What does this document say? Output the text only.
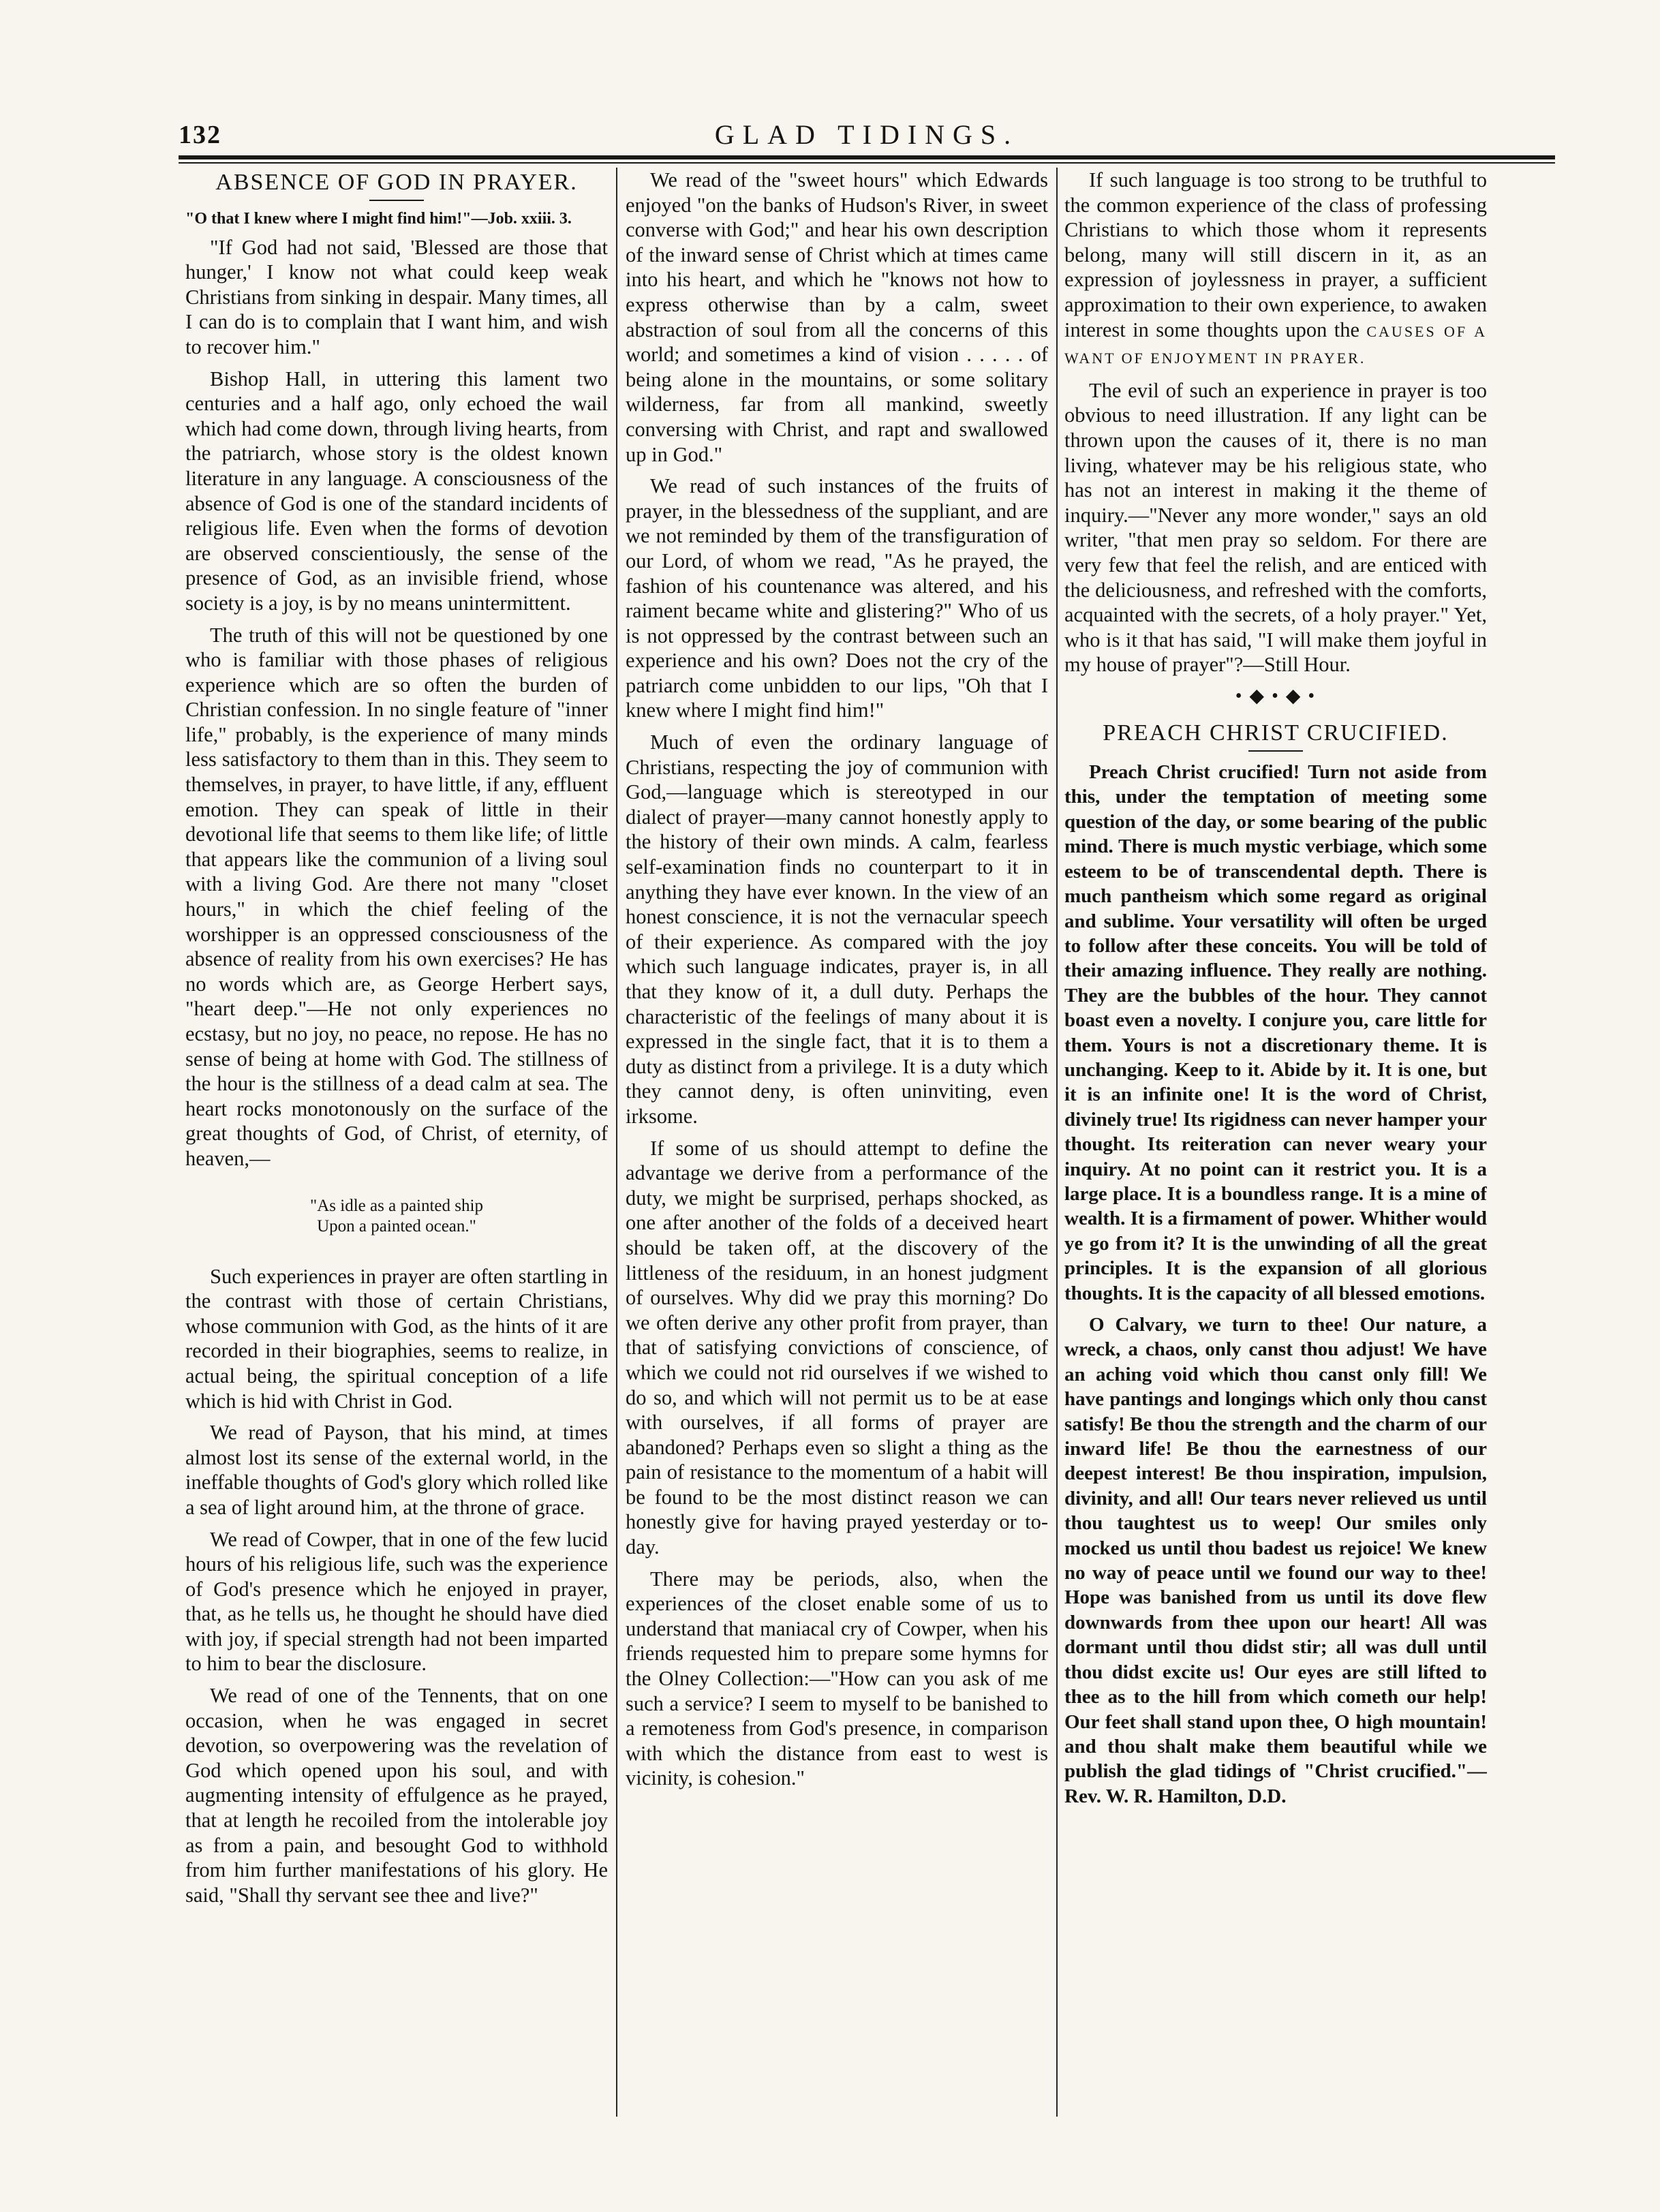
132	GLAD TIDINGS.
ABSENCE OF GOD IN PRAYER.
"O that I knew where I might find him!"—Job. xxiii. 3.

"If God had not said, 'Blessed are those that hunger,' I know not what could keep weak Christians from sinking in despair. Many times, all I can do is to complain that I want him, and wish to recover him."

Bishop Hall, in uttering this lament two centuries and a half ago, only echoed the wail which had come down, through living hearts, from the patriarch, whose story is the oldest known literature in any language. A consciousness of the absence of God is one of the standard incidents of religious life. Even when the forms of devotion are observed conscientiously, the sense of the presence of God, as an invisible friend, whose society is a joy, is by no means unintermittent.

The truth of this will not be questioned by one who is familiar with those phases of religious experience which are so often the burden of Christian confession. In no single feature of "inner life," probably, is the experience of many minds less satisfactory to them than in this. They seem to themselves, in prayer, to have little, if any, effluent emotion. They can speak of little in their devotional life that seems to them like life; of little that appears like the communion of a living soul with a living God. Are there not many "closet hours," in which the chief feeling of the worshipper is an oppressed consciousness of the absence of reality from his own exercises? He has no words which are, as George Herbert says, "heart deep."—He not only experiences no ecstasy, but no joy, no peace, no repose. He has no sense of being at home with God. The stillness of the hour is the stillness of a dead calm at sea. The heart rocks monotonously on the surface of the great thoughts of God, of Christ, of eternity, of heaven,—

"As idle as a painted ship
Upon a painted ocean."

Such experiences in prayer are often startling in the contrast with those of certain Christians, whose communion with God, as the hints of it are recorded in their biographies, seems to realize, in actual being, the spiritual conception of a life which is hid with Christ in God.

We read of Payson, that his mind, at times almost lost its sense of the external world, in the ineffable thoughts of God's glory which rolled like a sea of light around him, at the throne of grace.

We read of Cowper, that in one of the few lucid hours of his religious life, such was the experience of God's presence which he enjoyed in prayer, that, as he tells us, he thought he should have died with joy, if special strength had not been imparted to him to bear the disclosure.

We read of one of the Tennents, that on one occasion, when he was engaged in secret devotion, so overpowering was the revelation of God which opened upon his soul, and with augmenting intensity of effulgence as he prayed, that at length he recoiled from the intolerable joy as from a pain, and besought God to withhold from him further manifestations of his glory. He said, "Shall thy servant see thee and live?"

We read of the "sweet hours" which Edwards enjoyed "on the banks of Hudson's River, in sweet converse with God;" and hear his own description of the inward sense of Christ which at times came into his heart, and which he "knows not how to express otherwise than by a calm, sweet abstraction of soul from all the concerns of this world; and sometimes a kind of vision . . . . . of being alone in the mountains, or some solitary wilderness, far from all mankind, sweetly conversing with Christ, and rapt and swallowed up in God."

We read of such instances of the fruits of prayer, in the blessedness of the suppliant, and are we not reminded by them of the transfiguration of our Lord, of whom we read, "As he prayed, the fashion of his countenance was altered, and his raiment became white and glistering?" Who of us is not oppressed by the contrast between such an experience and his own? Does not the cry of the patriarch come unbidden to our lips, "Oh that I knew where I might find him!"

Much of even the ordinary language of Christians, respecting the joy of communion with God,—language which is stereotyped in our dialect of prayer—many cannot honestly apply to the history of their own minds. A calm, fearless self-examination finds no counterpart to it in anything they have ever known. In the view of an honest conscience, it is not the vernacular speech of their experience. As compared with the joy which such language indicates, prayer is, in all that they know of it, a dull duty. Perhaps the characteristic of the feelings of many about it is expressed in the single fact, that it is to them a duty as distinct from a privilege. It is a duty which they cannot deny, is often uninviting, even irksome.

If some of us should attempt to define the advantage we derive from a performance of the duty, we might be surprised, perhaps shocked, as one after another of the folds of a deceived heart should be taken off, at the discovery of the littleness of the residuum, in an honest judgment of ourselves. Why did we pray this morning? Do we often derive any other profit from prayer, than that of satisfying convictions of conscience, of which we could not rid ourselves if we wished to do so, and which will not permit us to be at ease with ourselves, if all forms of prayer are abandoned? Perhaps even so slight a thing as the pain of resistance to the momentum of a habit will be found to be the most distinct reason we can honestly give for having prayed yesterday or to-day.

There may be periods, also, when the experiences of the closet enable some of us to understand that maniacal cry of Cowper, when his friends requested him to prepare some hymns for the Olney Collection:—"How can you ask of me such a service? I seem to myself to be banished to a remoteness from God's presence, in comparison with which the distance from east to west is vicinity, is cohesion."

If such language is too strong to be truthful to the common experience of the class of professing Christians to which those whom it represents belong, many will still discern in it, as an expression of joylessness in prayer, a sufficient approximation to their own experience, to awaken interest in some thoughts upon the CAUSES OF A WANT OF ENJOYMENT IN PRAYER.

The evil of such an experience in prayer is too obvious to need illustration. If any light can be thrown upon the causes of it, there is no man living, whatever may be his religious state, who has not an interest in making it the theme of inquiry.—"Never any more wonder," says an old writer, "that men pray so seldom. For there are very few that feel the relish, and are enticed with the deliciousness, and refreshed with the comforts, acquainted with the secrets, of a holy prayer." Yet, who is it that has said, "I will make them joyful in my house of prayer"?—Still Hour.

• ◆ • ◆ •
PREACH CHRIST CRUCIFIED.

Preach Christ crucified! Turn not aside from this, under the temptation of meeting some question of the day, or some bearing of the public mind. There is much mystic verbiage, which some esteem to be of transcendental depth. There is much pantheism which some regard as original and sublime. Your versatility will often be urged to follow after these conceits. You will be told of their amazing influence. They really are nothing. They are the bubbles of the hour. They cannot boast even a novelty. I conjure you, care little for them. Yours is not a discretionary theme. It is unchanging. Keep to it. Abide by it. It is one, but it is an infinite one! It is the word of Christ, divinely true! Its rigidness can never hamper your thought. Its reiteration can never weary your inquiry. At no point can it restrict you. It is a large place. It is a boundless range. It is a mine of wealth. It is a firmament of power. Whither would ye go from it? It is the unwinding of all the great principles. It is the expansion of all glorious thoughts. It is the capacity of all blessed emotions.

O Calvary, we turn to thee! Our nature, a wreck, a chaos, only canst thou adjust! We have an aching void which thou canst only fill! We have pantings and longings which only thou canst satisfy! Be thou the strength and the charm of our inward life! Be thou the earnestness of our deepest interest! Be thou inspiration, impulsion, divinity, and all! Our tears never relieved us until thou taughtest us to weep! Our smiles only mocked us until thou badest us rejoice! We knew no way of peace until we found our way to thee! Hope was banished from us until its dove flew downwards from thee upon our heart! All was dormant until thou didst stir; all was dull until thou didst excite us! Our eyes are still lifted to thee as to the hill from which cometh our help! Our feet shall stand upon thee, O high mountain! and thou shalt make them beautiful while we publish the glad tidings of "Christ crucified."—Rev. W. R. Hamilton, D.D.
